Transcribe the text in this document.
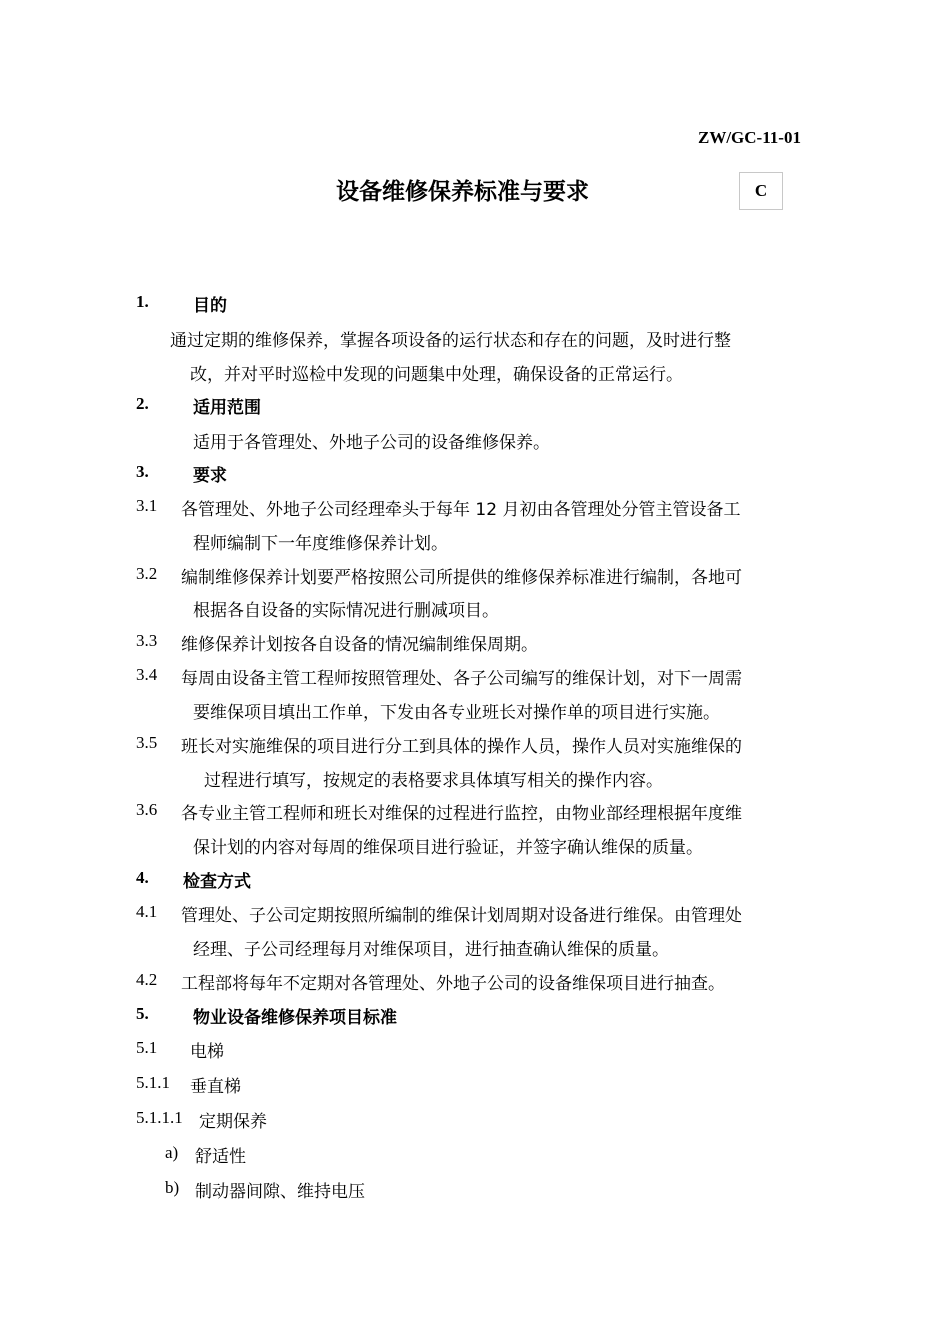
ZW/GC-11-01
设备维修保养标准与要求	C
1.	目的
通过定期的维修保养，掌握各项设备的运行状态和存在的问题，及时进行整
改，并对平时巡检中发现的问题集中处理，确保设备的正常运行。
2.	适用范围
适用于各管理处、外地子公司的设备维修保养。
3.	要求
3.1 各管理处、外地子公司经理牵头于每年 12 月初由各管理处分管主管设备工
程师编制下一年度维修保养计划。
3.2 编制维修保养计划要严格按照公司所提供的维修保养标准进行编制，各地可
根据各自设备的实际情况进行删减项目。
3.3 维修保养计划按各自设备的情况编制维保周期。
3.4 每周由设备主管工程师按照管理处、各子公司编写的维保计划，对下一周需
要维保项目填出工作单，下发由各专业班长对操作单的项目进行实施。
3.5 班长对实施维保的项目进行分工到具体的操作人员，操作人员对实施维保的
过程进行填写，按规定的表格要求具体填写相关的操作内容。
3.6 各专业主管工程师和班长对维保的过程进行监控，由物业部经理根据年度维
保计划的内容对每周的维保项目进行验证，并签字确认维保的质量。
4. 检查方式
4.1 管理处、子公司定期按照所编制的维保计划周期对设备进行维保。由管理处
经理、子公司经理每月对维保项目，进行抽查确认维保的质量。
4.2 工程部将每年不定期对各管理处、外地子公司的设备维保项目进行抽查。
5.	物业设备维修保养项目标准
5.1 电梯
5.1.1 垂直梯
5.1.1.1 定期保养
a) 舒适性
b) 制动器间隙、维持电压
